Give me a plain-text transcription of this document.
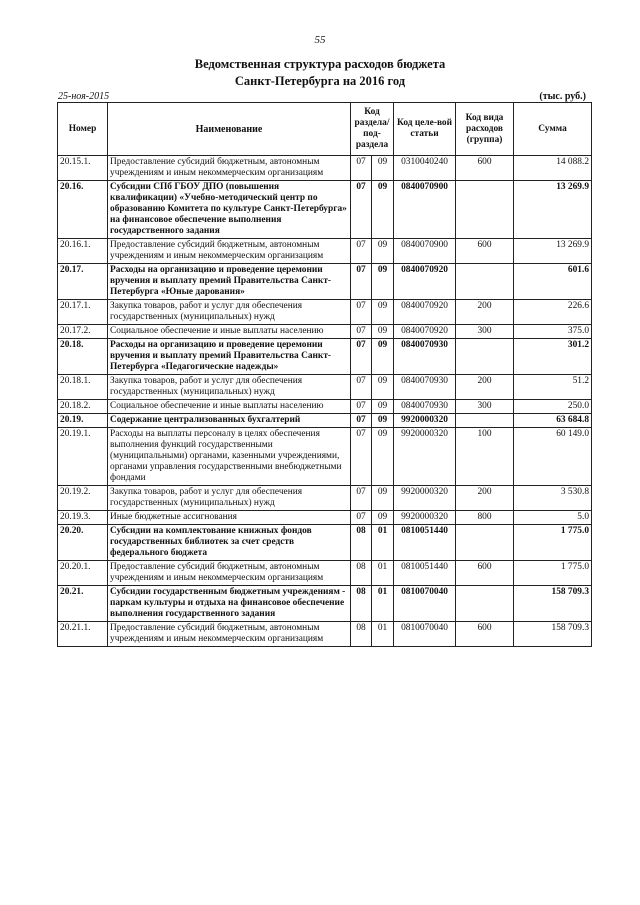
55
Ведомственная структура расходов бюджета
Санкт-Петербурга на 2016 год
25-ноя-2015	(тыс. руб.)
Номер	Наименование	Код раздела/ под-раздела		Код целе-вой статьи	Код вида расходов (группа)	Сумма
20.15.1.	Предоставление субсидий бюджетным, автономным учреждениям и иным некоммерческим организациям	07	09	0310040240	600	14 088.2
20.16.	Субсидии СПб ГБОУ ДПО (повышения квалификации) «Учебно-методический центр по образованию Комитета по культуре Санкт-Петербурга» на финансовое обеспечение выполнения государственного задания	07	09	0840070900		13 269.9
20.16.1.	Предоставление субсидий бюджетным, автономным учреждениям и иным некоммерческим организациям	07	09	0840070900	600	13 269.9
20.17.	Расходы на организацию и проведение церемонии вручения и выплату премий Правительства Санкт-Петербурга «Юные дарования»	07	09	0840070920		601.6
20.17.1.	Закупка товаров, работ и услуг для обеспечения государственных (муниципальных) нужд	07	09	0840070920	200	226.6
20.17.2.	Социальное обеспечение и иные выплаты населению	07	09	0840070920	300	375.0
20.18.	Расходы на организацию и проведение церемонии вручения и выплату премий Правительства Санкт-Петербурга «Педагогические надежды»	07	09	0840070930		301.2
20.18.1.	Закупка товаров, работ и услуг для обеспечения государственных (муниципальных) нужд	07	09	0840070930	200	51.2
20.18.2.	Социальное обеспечение и иные выплаты населению	07	09	0840070930	300	250.0
20.19.	Содержание централизованных бухгалтерий	07	09	9920000320		63 684.8
20.19.1.	Расходы на выплаты персоналу в целях обеспечения выполнения функций государственными (муниципальными) органами, казенными учреждениями, органами управления государственными внебюджетными фондами	07	09	9920000320	100	60 149.0
20.19.2.	Закупка товаров, работ и услуг для обеспечения государственных (муниципальных) нужд	07	09	9920000320	200	3 530.8
20.19.3.	Иные бюджетные ассигнования	07	09	9920000320	800	5.0
20.20.	Субсидии на комплектование книжных фондов государственных библиотек за счет средств федерального бюджета	08	01	0810051440		1 775.0
20.20.1.	Предоставление субсидий бюджетным, автономным учреждениям и иным некоммерческим организациям	08	01	0810051440	600	1 775.0
20.21.	Субсидии государственным бюджетным учреждениям - паркам культуры и отдыха на финансовое обеспечение выполнения государственного задания	08	01	0810070040		158 709.3
20.21.1.	Предоставление субсидий бюджетным, автономным учреждениям и иным некоммерческим организациям	08	01	0810070040	600	158 709.3
